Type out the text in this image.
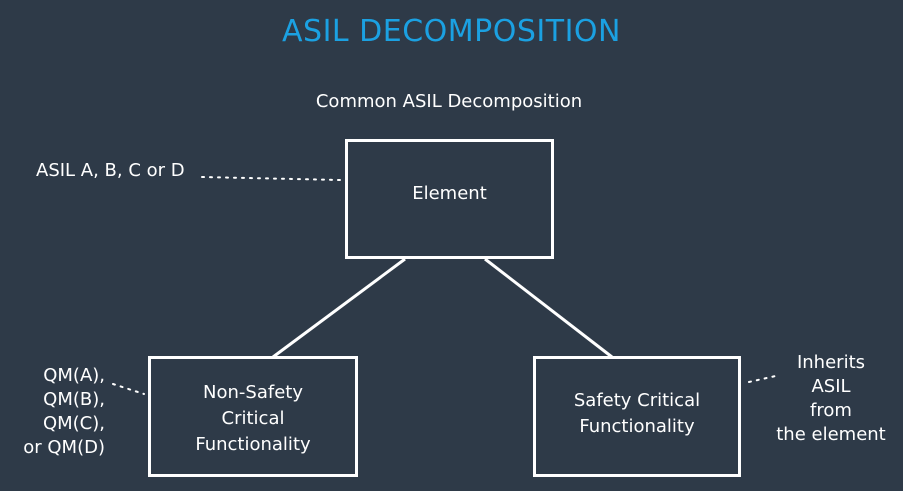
ASIL DECOMPOSITION
Common ASIL Decomposition
Element
Non-Safety
Critical
Functionality
Safety Critical
Functionality
ASIL A, B, C or D
QM(A),
QM(B),
QM(C),
or QM(D)
Inherits
ASIL
from
the element
